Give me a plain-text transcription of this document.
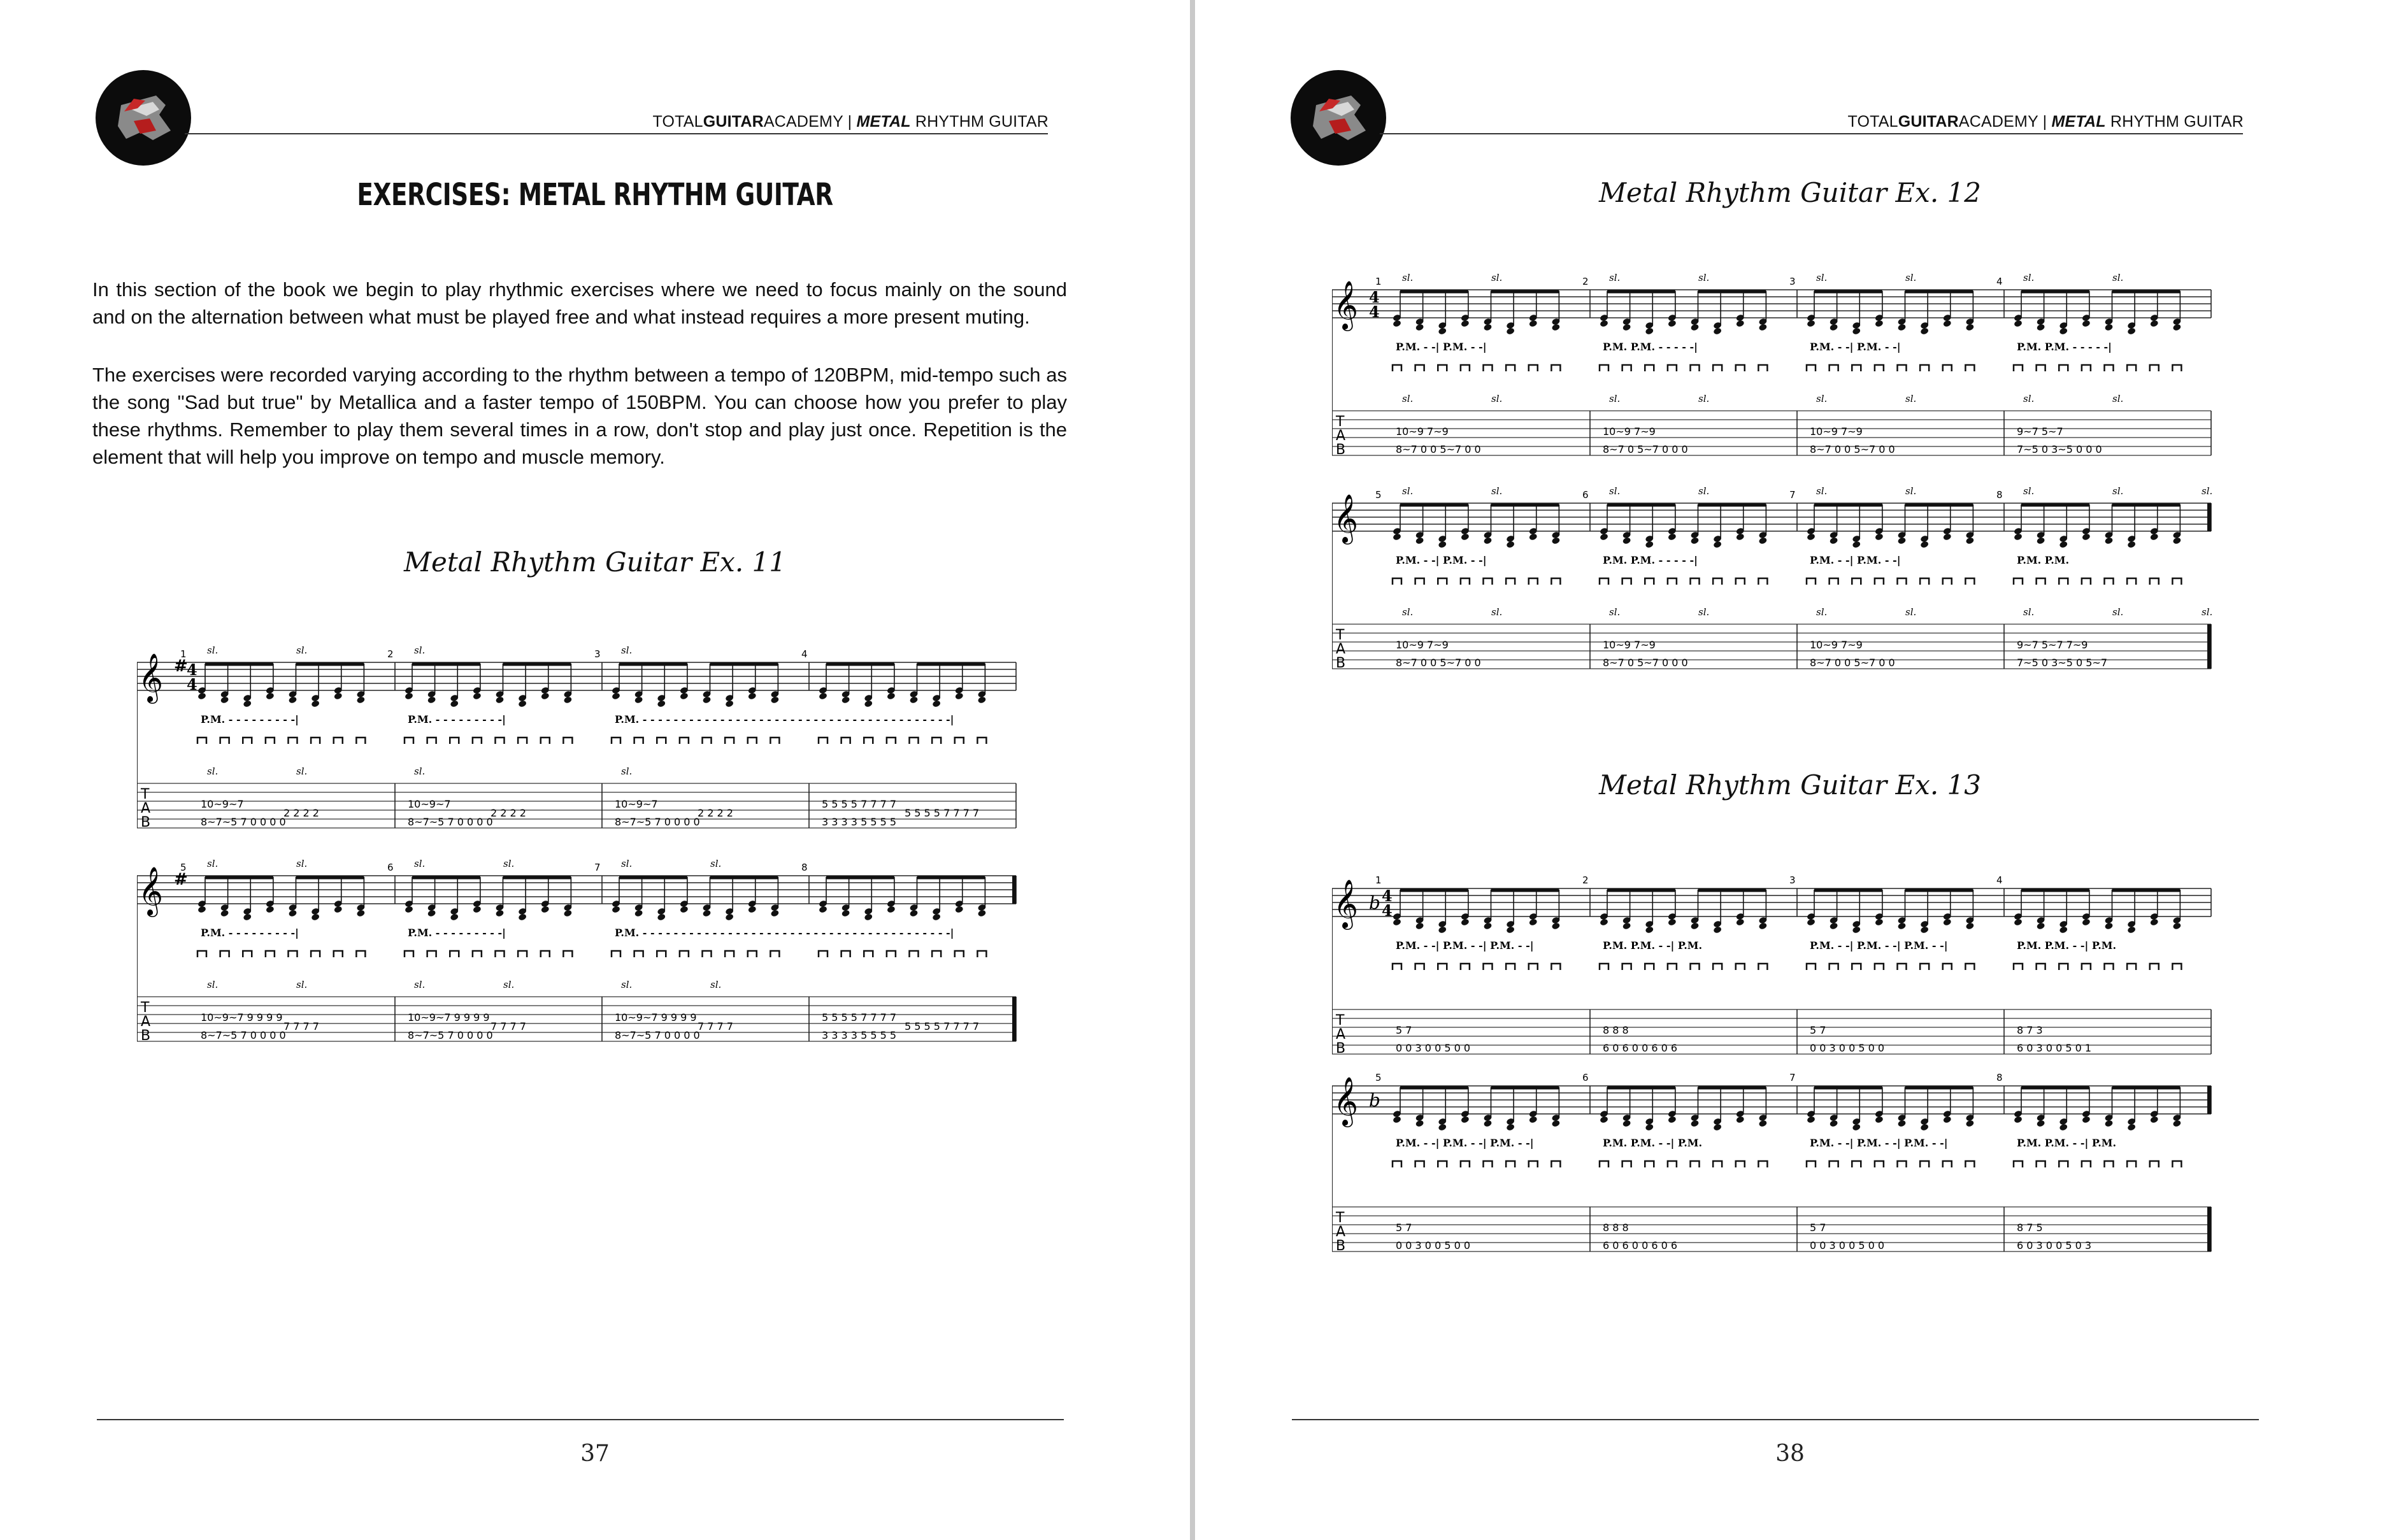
TOTALGUITARACADEMY | METAL RHYTHM GUITAR
EXERCISES: METAL RHYTHM GUITAR
In this section of the book we begin to play rhythmic exercises where we need to focus mainly on the sound and on the alternation between what must be played free and what instead requires a more present muting.
The exercises were recorded varying according to the rhythm between a tempo of 120BPM, mid-tempo such as the song "Sad but true" by Metallica and a faster tempo of 150BPM. You can choose how you prefer to play these rhythms. Remember to play them several times in a row, don't stop and play just once. Repetition is the element that will help you improve on tempo and muscle memory.
Metal Rhythm Guitar Ex. 11
𝄞 #
4
4
T
A
B
1 sl.
sl.
sl.
sl.
P.M. - - - - - - - - -|
10~9~7
2 2 2 2
8~7~5 7 0 0 0 0
2 sl.
sl.
P.M. - - - - - - - - -|
10~9~7
2 2 2 2
8~7~5 7 0 0 0 0
3 sl.
sl.
P.M. - - - - - - - - - - - - - - - - - - - - - - - - - - - - - - - - - - - - - - - -|
10~9~7
2 2 2 2
8~7~5 7 0 0 0 0
4
5 5 5 5 7 7 7 7
5 5 5 5 7 7 7 7
3 3 3 3 5 5 5 5
𝄞 #
T
A
B
5 sl.
sl.
sl.
sl.
P.M. - - - - - - - - -|
10~9~7 9 9 9 9
7 7 7 7
8~7~5 7 0 0 0 0
6 sl.
sl.
sl.
sl.
P.M. - - - - - - - - -|
10~9~7 9 9 9 9
7 7 7 7
8~7~5 7 0 0 0 0
7 sl.
sl.
sl.
sl.
P.M. - - - - - - - - - - - - - - - - - - - - - - - - - - - - - - - - - - - - - - - -|
10~9~7 9 9 9 9
7 7 7 7
8~7~5 7 0 0 0 0
8
5 5 5 5 7 7 7 7
5 5 5 5 7 7 7 7
3 3 3 3 5 5 5 5
37
TOTALGUITARACADEMY | METAL RHYTHM GUITAR
Metal Rhythm Guitar Ex. 12
𝄞 4
4
T
A
B
1 sl.
sl.
sl.
sl.
P.M. - -| P.M. - -|
10~9 7~9
8~7 0 0 5~7 0 0
2 sl.
sl.
sl.
sl.
P.M. P.M. - - - - -|
10~9 7~9
8~7 0 5~7 0 0 0
3 sl.
sl.
sl.
sl.
P.M. - -| P.M. - -|
10~9 7~9
8~7 0 0 5~7 0 0
4 sl.
sl.
sl.
sl.
P.M. P.M. - - - - -|
9~7 5~7
7~5 0 3~5 0 0 0
𝄞
T
A
B
5 sl.
sl.
sl.
sl.
P.M. - -| P.M. - -|
10~9 7~9
8~7 0 0 5~7 0 0
6 sl.
sl.
sl.
sl.
P.M. P.M. - - - - -|
10~9 7~9
8~7 0 5~7 0 0 0
7 sl.
sl.
sl.
sl.
P.M. - -| P.M. - -|
10~9 7~9
8~7 0 0 5~7 0 0
8 sl.
sl.
sl.
sl.
sl.
sl.
P.M. P.M.
9~7 5~7 7~9
7~5 0 3~5 0 5~7
Metal Rhythm Guitar Ex. 13
𝄞 b 4
4
T
A
B
1
P.M. - -| P.M. - -| P.M. - -|
5 7
0 0 3 0 0 5 0 0
2
P.M. P.M. - -| P.M.
8 8 8
6 0 6 0 0 6 0 6
3
P.M. - -| P.M. - -| P.M. - -|
5 7
0 0 3 0 0 5 0 0
4
P.M. P.M. - -| P.M.
8 7 3
6 0 3 0 0 5 0 1
𝄞 b
T
A
B
5
P.M. - -| P.M. - -| P.M. - -|
5 7
0 0 3 0 0 5 0 0
6
P.M. P.M. - -| P.M.
8 8 8
6 0 6 0 0 6 0 6
7
P.M. - -| P.M. - -| P.M. - -|
5 7
0 0 3 0 0 5 0 0
8
P.M. P.M. - -| P.M.
8 7 5
6 0 3 0 0 5 0 3
38
